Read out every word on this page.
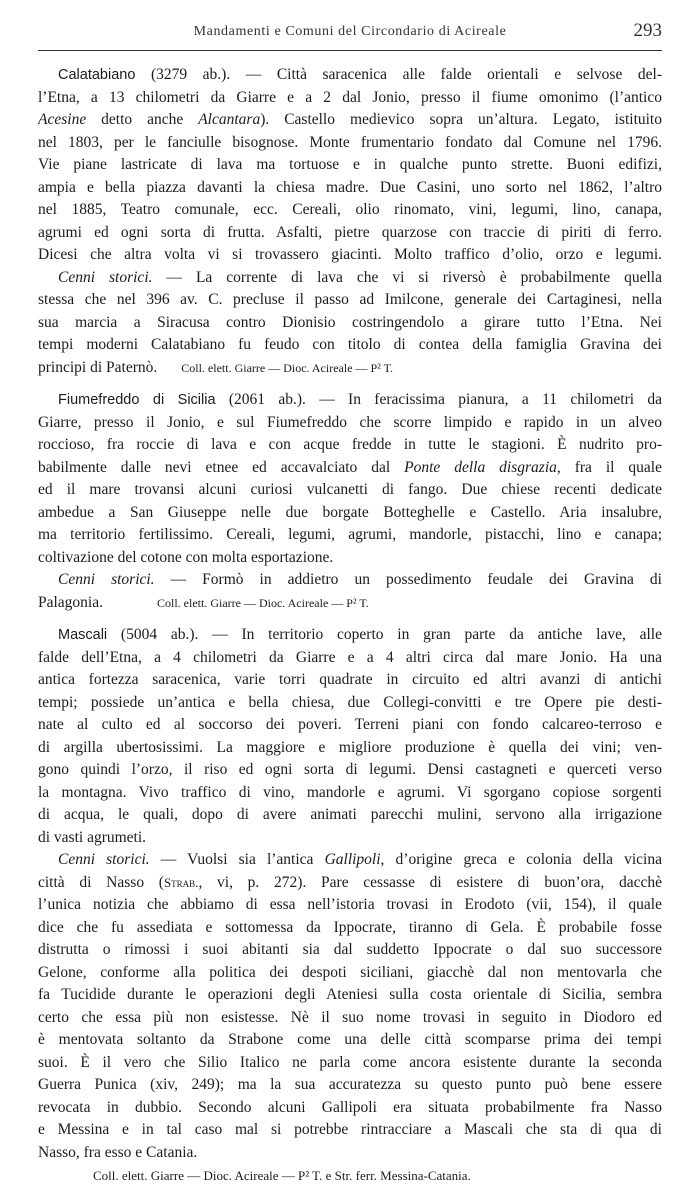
Mandamenti e Comuni del Circondario di Acireale	293
Calatabiano (3279 ab.). — Città saracenica alle falde orientali e selvose del-
l’Etna, a 13 chilometri da Giarre e a 2 dal Jonio, presso il fiume omonimo (l’antico
Acesine detto anche Alcantara). Castello medievico sopra un’altura. Legato, istituito
nel 1803, per le fanciulle bisognose. Monte frumentario fondato dal Comune nel 1796.
Vie piane lastricate di lava ma tortuose e in qualche punto strette. Buoni edifizi,
ampia e bella piazza davanti la chiesa madre. Due Casini, uno sorto nel 1862, l’altro
nel 1885, Teatro comunale, ecc. Cereali, olio rinomato, vini, legumi, lino, canapa,
agrumi ed ogni sorta di frutta. Asfalti, pietre quarzose con traccie di piriti di ferro.
Dicesi che altra volta vi si trovassero giacinti. Molto traffico d’olio, orzo e legumi.
Cenni storici. — La corrente di lava che vi si riversò è probabilmente quella
stessa che nel 396 av. C. precluse il passo ad Imilcone, generale dei Cartaginesi, nella
sua marcia a Siracusa contro Dionisio costringendolo a girare tutto l’Etna. Nei
tempi moderni Calatabiano fu feudo con titolo di contea della famiglia Gravina dei
principi di Paternò. Coll. elett. Giarre — Dioc. Acireale — P² T.
Fiumefreddo di Sicilia (2061 ab.). — In feracissima pianura, a 11 chilometri da
Giarre, presso il Jonio, e sul Fiumefreddo che scorre limpido e rapido in un alveo
roccioso, fra roccie di lava e con acque fredde in tutte le stagioni. È nudrito pro-
babilmente dalle nevi etnee ed accavalciato dal Ponte della disgrazia, fra il quale
ed il mare trovansi alcuni curiosi vulcanetti di fango. Due chiese recenti dedicate
ambedue a San Giuseppe nelle due borgate Botteghelle e Castello. Aria insalubre,
ma territorio fertilissimo. Cereali, legumi, agrumi, mandorle, pistacchi, lino e canapa;
coltivazione del cotone con molta esportazione.
Cenni storici. — Formò in addietro un possedimento feudale dei Gravina di
Palagonia.	Coll. elett. Giarre — Dioc. Acireale — P² T.
Mascali (5004 ab.). — In territorio coperto in gran parte da antiche lave, alle
falde dell’Etna, a 4 chilometri da Giarre e a 4 altri circa dal mare Jonio. Ha una
antica fortezza saracenica, varie torri quadrate in circuito ed altri avanzi di antichi
tempi; possiede un’antica e bella chiesa, due Collegi-convitti e tre Opere pie desti-
nate al culto ed al soccorso dei poveri. Terreni piani con fondo calcareo-terroso e
di argilla ubertosissimi. La maggiore e migliore produzione è quella dei vini; ven-
gono quindi l’orzo, il riso ed ogni sorta di legumi. Densi castagneti e querceti verso
la montagna. Vivo traffico di vino, mandorle e agrumi. Vi sgorgano copiose sorgenti
di acqua, le quali, dopo di avere animati parecchi mulini, servono alla irrigazione
di vasti agrumeti.
Cenni storici. — Vuolsi sia l’antica Gallipoli, d’origine greca e colonia della vicina
città di Nasso (Strab., vi, p. 272). Pare cessasse di esistere di buon’ora, dacchè
l’unica notizia che abbiamo di essa nell’istoria trovasi in Erodoto (vii, 154), il quale
dice che fu assediata e sottomessa da Ippocrate, tiranno di Gela. È probabile fosse
distrutta o rimossi i suoi abitanti sia dal suddetto Ippocrate o dal suo successore
Gelone, conforme alla politica dei despoti siciliani, giacchè dal non mentovarla che
fa Tucidide durante le operazioni degli Ateniesi sulla costa orientale di Sicilia, sembra
certo che essa più non esistesse. Nè il suo nome trovasi in seguito in Diodoro ed
è mentovata soltanto da Strabone come una delle città scomparse prima dei tempi
suoi. È il vero che Silio Italico ne parla come ancora esistente durante la seconda
Guerra Punica (xiv, 249); ma la sua accuratezza su questo punto può bene essere
revocata in dubbio. Secondo alcuni Gallipoli era situata probabilmente fra Nasso
e Messina e in tal caso mal si potrebbe rintracciare a Mascali che sta di qua di
Nasso, fra esso e Catania.
Coll. elett. Giarre — Dioc. Acireale — P² T. e Str. ferr. Messina-Catania.
